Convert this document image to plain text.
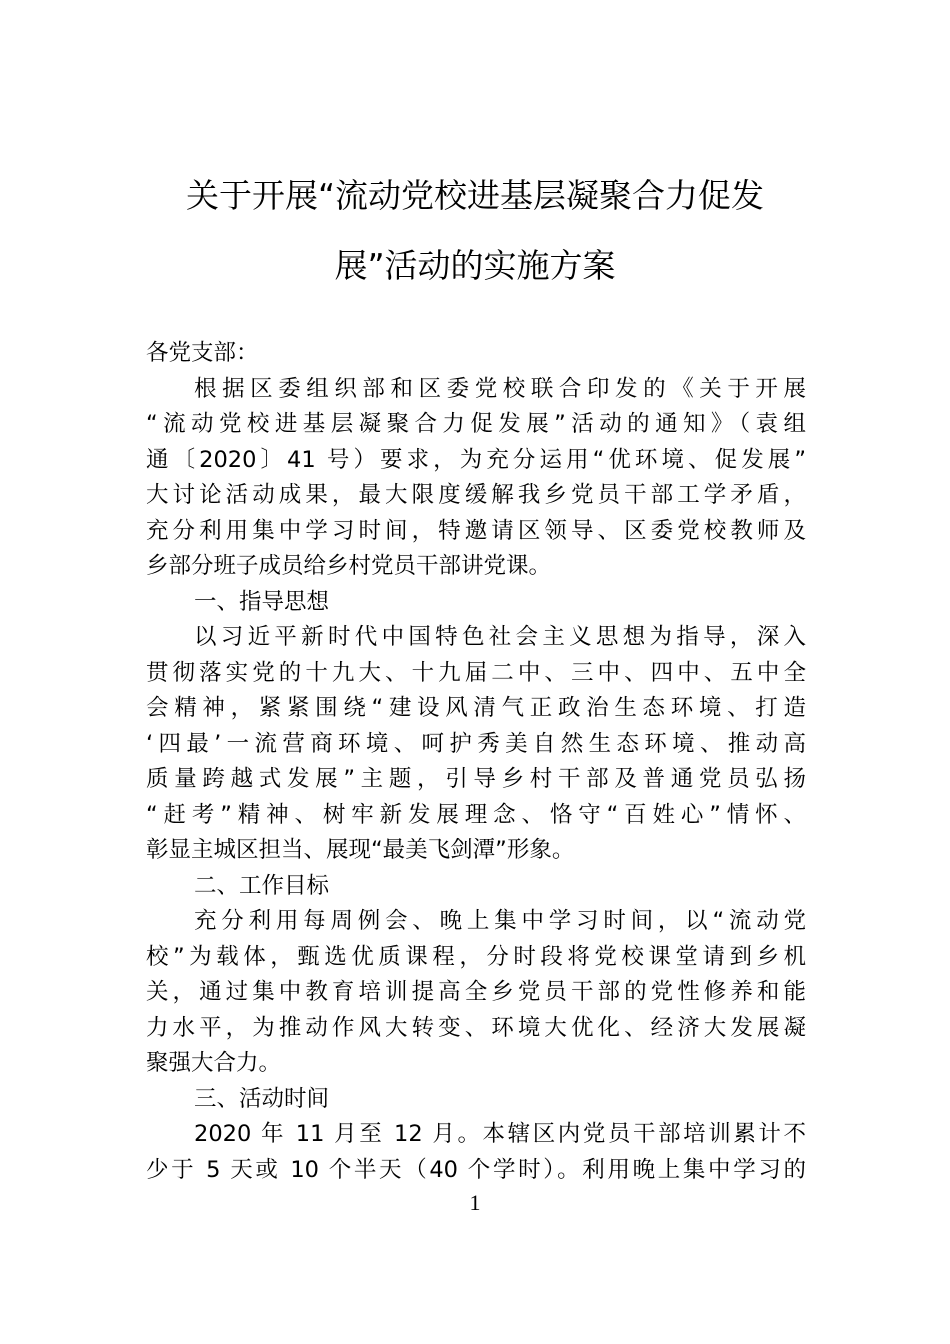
关于开展“流动党校进基层凝聚合力促发
展”活动的实施方案
各党支部：
根据区委组织部和区委党校联合印发的《关于开展
“流动党校进基层凝聚合力促发展”活动的通知》（袁组
通〔2020〕41 号）要求，为充分运用“优环境、促发展”
大讨论活动成果，最大限度缓解我乡党员干部工学矛盾，
充分利用集中学习时间，特邀请区领导、区委党校教师及
乡部分班子成员给乡村党员干部讲党课。
一、指导思想
以习近平新时代中国特色社会主义思想为指导，深入
贯彻落实党的十九大、十九届二中、三中、四中、五中全
会精神，紧紧围绕“建设风清气正政治生态环境、打造
‘四最’一流营商环境、呵护秀美自然生态环境、推动高
质量跨越式发展”主题，引导乡村干部及普通党员弘扬
“赶考”精神、树牢新发展理念、恪守“百姓心”情怀、
彰显主城区担当、展现“最美飞剑潭”形象。
二、工作目标
充分利用每周例会、晚上集中学习时间，以“流动党
校”为载体，甄选优质课程，分时段将党校课堂请到乡机
关，通过集中教育培训提高全乡党员干部的党性修养和能
力水平，为推动作风大转变、环境大优化、经济大发展凝
聚强大合力。
三、活动时间
2020 年 11 月至 12 月。本辖区内党员干部培训累计不
少于 5 天或 10 个半天（40 个学时）。利用晚上集中学习的
1
